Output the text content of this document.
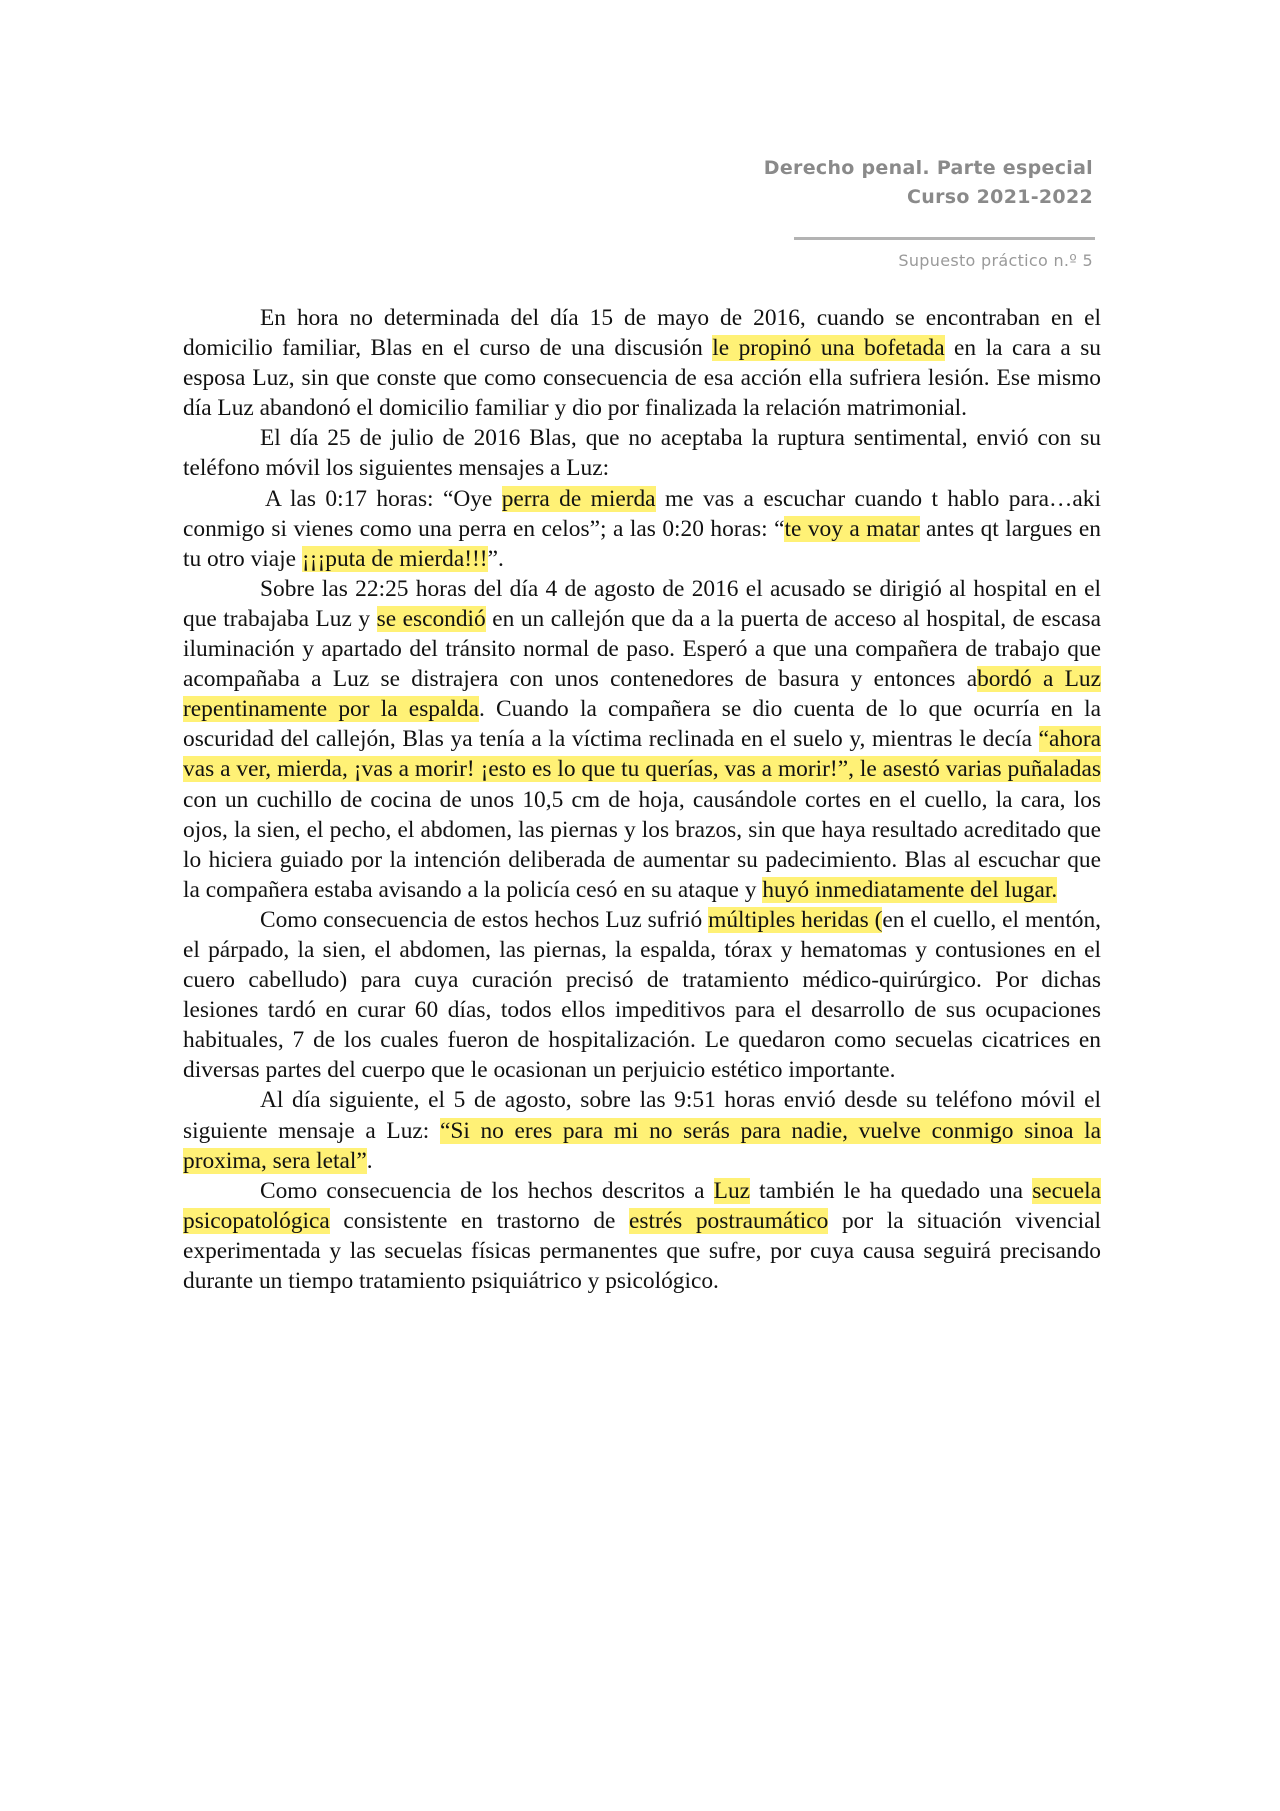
Derecho penal. Parte especial
Curso 2021-2022
Supuesto práctico n.º 5

En hora no determinada del día 15 de mayo de 2016, cuando se encontraban en el domicilio familiar, Blas en el curso de una discusión le propinó una bofetada en la cara a su esposa Luz, sin que conste que como consecuencia de esa acción ella sufriera lesión. Ese mismo día Luz abandonó el domicilio familiar y dio por finalizada la relación matrimonial.

El día 25 de julio de 2016 Blas, que no aceptaba la ruptura sentimental, envió con su teléfono móvil los siguientes mensajes a Luz:

A las 0:17 horas: “Oye perra de mierda me vas a escuchar cuando t hablo para…aki conmigo si vienes como una perra en celos”; a las 0:20 horas: “te voy a matar antes qt largues en tu otro viaje ¡¡¡puta de mierda!!!”.

Sobre las 22:25 horas del día 4 de agosto de 2016 el acusado se dirigió al hospital en el que trabajaba Luz y se escondió en un callejón que da a la puerta de acceso al hospital, de escasa iluminación y apartado del tránsito normal de paso. Esperó a que una compañera de trabajo que acompañaba a Luz se distrajera con unos contenedores de basura y entonces abordó a Luz repentinamente por la espalda. Cuando la compañera se dio cuenta de lo que ocurría en la oscuridad del callejón, Blas ya tenía a la víctima reclinada en el suelo y, mientras le decía “ahora vas a ver, mierda, ¡vas a morir! ¡esto es lo que tu querías, vas a morir!”, le asestó varias puñaladas con un cuchillo de cocina de unos 10,5 cm de hoja, causándole cortes en el cuello, la cara, los ojos, la sien, el pecho, el abdomen, las piernas y los brazos, sin que haya resultado acreditado que lo hiciera guiado por la intención deliberada de aumentar su padecimiento. Blas al escuchar que la compañera estaba avisando a la policía cesó en su ataque y huyó inmediatamente del lugar.

Como consecuencia de estos hechos Luz sufrió múltiples heridas (en el cuello, el mentón, el párpado, la sien, el abdomen, las piernas, la espalda, tórax y hematomas y contusiones en el cuero cabelludo) para cuya curación precisó de tratamiento médico-quirúrgico. Por dichas lesiones tardó en curar 60 días, todos ellos impeditivos para el desarrollo de sus ocupaciones habituales, 7 de los cuales fueron de hospitalización. Le quedaron como secuelas cicatrices en diversas partes del cuerpo que le ocasionan un perjuicio estético importante.

Al día siguiente, el 5 de agosto, sobre las 9:51 horas envió desde su teléfono móvil el siguiente mensaje a Luz: “Si no eres para mi no serás para nadie, vuelve conmigo sinoa la proxima, sera letal”.

Como consecuencia de los hechos descritos a Luz también le ha quedado una secuela psicopatológica consistente en trastorno de estrés postraumático por la situación vivencial experimentada y las secuelas físicas permanentes que sufre, por cuya causa seguirá precisando durante un tiempo tratamiento psiquiátrico y psicológico.
